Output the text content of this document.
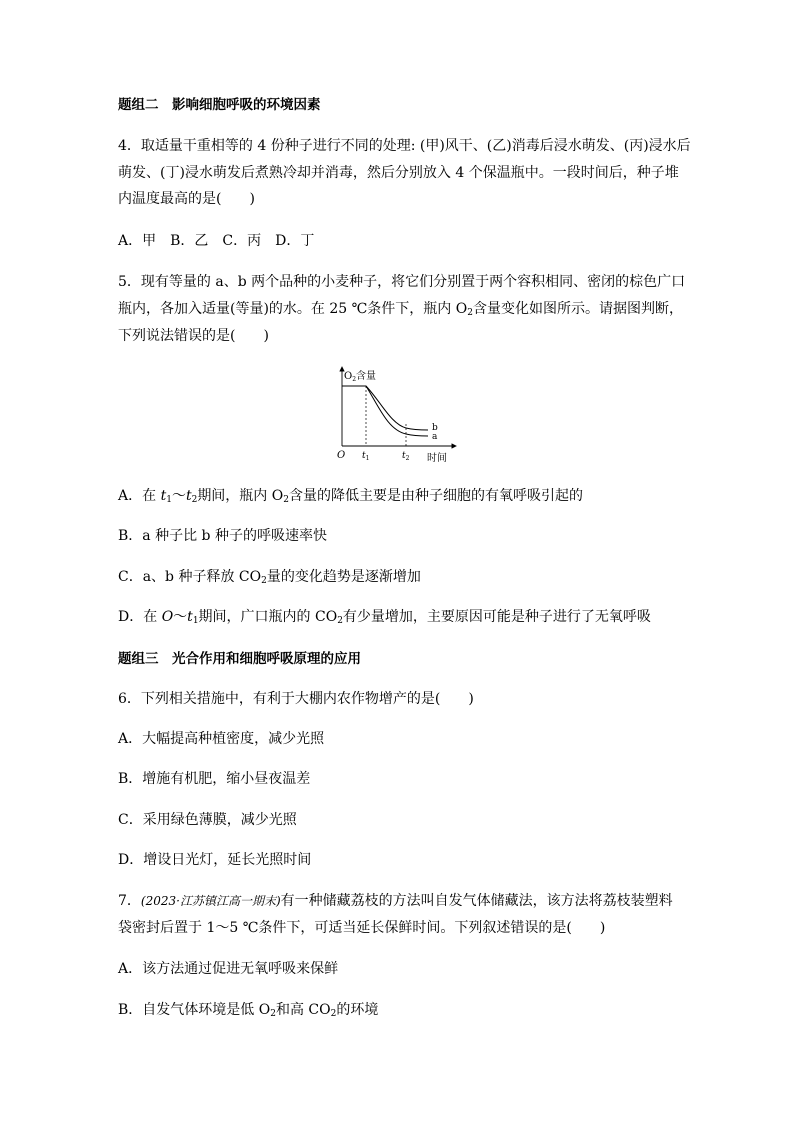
题组二　影响细胞呼吸的环境因素
4．取适量干重相等的 4 份种子进行不同的处理: (甲)风干、(乙)消毒后浸水萌发、(丙)浸水后
萌发、(丁)浸水萌发后煮熟冷却并消毒，然后分别放入 4 个保温瓶中。一段时间后，种子堆
内温度最高的是(　　)
A．甲　B．乙　C．丙　D．丁
5．现有等量的 a、b 两个品种的小麦种子，将它们分别置于两个容积相同、密闭的棕色广口
瓶内，各加入适量(等量)的水。在 25 ℃条件下，瓶内 $O_2$含量变化如图所示。请据图判断，
下列说法错误的是(　　)
$O_2$含量
O	时间
$t_1$	$t_2$
b
a
A．在 $t_1\sim t_2$期间，瓶内 $O_2$含量的降低主要是由种子细胞的有氧呼吸引起的
B．a 种子比 b 种子的呼吸速率快
C．a、b 种子释放 $CO_2$量的变化趋势是逐渐增加
D．在 $O\sim t_1$期间，广口瓶内的 $CO_2$有少量增加，主要原因可能是种子进行了无氧呼吸
题组三　光合作用和细胞呼吸原理的应用
6．下列相关措施中，有利于大棚内农作物增产的是(　　)
A．大幅提高种植密度，减少光照
B．增施有机肥，缩小昼夜温差
C．采用绿色薄膜，减少光照
D．增设日光灯，延长光照时间
7．(2023·江苏镇江高一期末)有一种储藏荔枝的方法叫自发气体储藏法，该方法将荔枝装塑料
袋密封后置于 1～5 ℃条件下，可适当延长保鲜时间。下列叙述错误的是(　　)
A．该方法通过促进无氧呼吸来保鲜
B．自发气体环境是低 $O_2$和高 $CO_2$的环境
